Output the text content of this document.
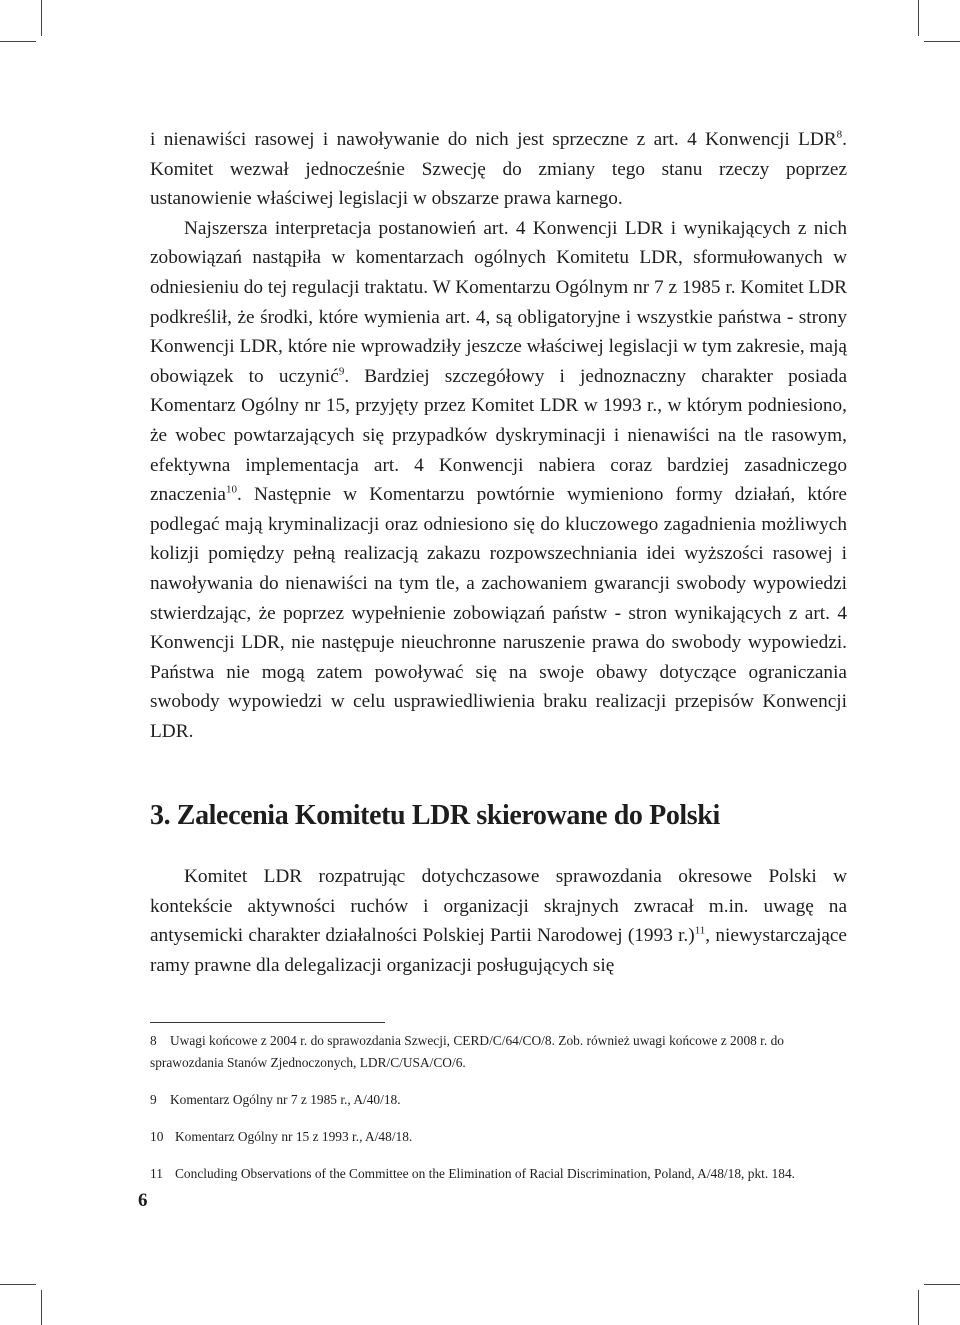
i nienawiści rasowej i nawoływanie do nich jest sprzeczne z art. 4 Konwencji LDR$^8$. Komitet wezwał jednocześnie Szwecję do zmiany tego stanu rzeczy poprzez ustanowienie właściwej legislacji w obszarze prawa karnego.

Najszersza interpretacja postanowień art. 4 Konwencji LDR i wynikających z nich zobowiązań nastąpiła w komentarzach ogólnych Komitetu LDR, sformułowanych w odniesieniu do tej regulacji traktatu. W Komentarzu Ogólnym nr 7 z 1985 r. Komitet LDR podkreślił, że środki, które wymienia art. 4, są obligatoryjne i wszystkie państwa - strony Konwencji LDR, które nie wprowadziły jeszcze właściwej legislacji w tym zakresie, mają obowiązek to uczynić$^9$. Bardziej szczegółowy i jednoznaczny charakter posiada Komentarz Ogólny nr 15, przyjęty przez Komitet LDR w 1993 r., w którym podniesiono, że wobec powtarzających się przypadków dyskryminacji i nienawiści na tle rasowym, efektywna implementacja art. 4 Konwencji nabiera coraz bardziej zasadniczego znaczenia$^{10}$. Następnie w Komentarzu powtórnie wymieniono formy działań, które podlegać mają kryminalizacji oraz odniesiono się do kluczowego zagadnienia możliwych kolizji pomiędzy pełną realizacją zakazu rozpowszechniania idei wyższości rasowej i nawoływania do nienawiści na tym tle, a zachowaniem gwarancji swobody wypowiedzi stwierdzając, że poprzez wypełnienie zobowiązań państw - stron wynikających z art. 4 Konwencji LDR, nie następuje nieuchronne naruszenie prawa do swobody wypowiedzi. Państwa nie mogą zatem powoływać się na swoje obawy dotyczące ograniczania swobody wypowiedzi w celu usprawiedliwienia braku realizacji przepisów Konwencji LDR.

3. Zalecenia Komitetu LDR skierowane do Polski

Komitet LDR rozpatrując dotychczasowe sprawozdania okresowe Polski w kontekście aktywności ruchów i organizacji skrajnych zwracał m.in. uwagę na antysemicki charakter działalności Polskiej Partii Narodowej (1993 r.)$^{11}$, niewystarczające ramy prawne dla delegalizacji organizacji posługujących się

8 Uwagi końcowe z 2004 r. do sprawozdania Szwecji, CERD/C/64/CO/8. Zob. również uwagi końcowe z 2008 r. do sprawozdania Stanów Zjednoczonych, LDR/C/USA/CO/6.

9 Komentarz Ogólny nr 7 z 1985 r., A/40/18.

10 Komentarz Ogólny nr 15 z 1993 r., A/48/18.

11 Concluding Observations of the Committee on the Elimination of Racial Discrimination, Poland, A/48/18, pkt. 184.

6
